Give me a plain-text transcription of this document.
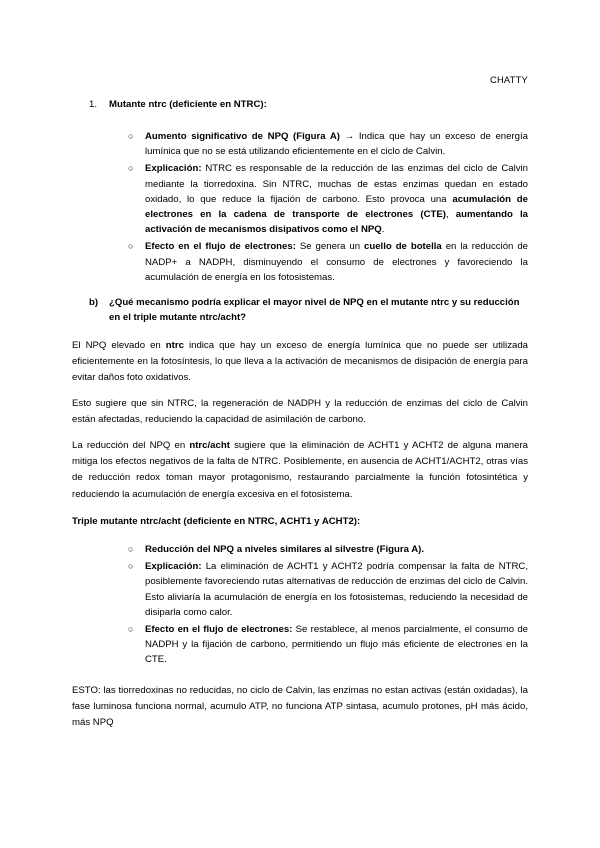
CHATTY
1. Mutante ntrc (deficiente en NTRC):
○ Aumento significativo de NPQ (Figura A) → Indica que hay un exceso de energía lumínica que no se está utilizando eficientemente en el ciclo de Calvin.
○ Explicación: NTRC es responsable de la reducción de las enzimas del ciclo de Calvin mediante la tiorredoxina. Sin NTRC, muchas de estas enzimas quedan en estado oxidado, lo que reduce la fijación de carbono. Esto provoca una acumulación de electrones en la cadena de transporte de electrones (CTE), aumentando la activación de mecanismos disipativos como el NPQ.
○ Efecto en el flujo de electrones: Se genera un cuello de botella en la reducción de NADP+ a NADPH, disminuyendo el consumo de electrones y favoreciendo la acumulación de energía en los fotosistemas.
b)	¿Qué mecanismo podría explicar el mayor nivel de NPQ en el mutante ntrc y su reducción en el triple mutante ntrc/acht?
El NPQ elevado en ntrc indica que hay un exceso de energía lumínica que no puede ser utilizada eficientemente en la fotosíntesis, lo que lleva a la activación de mecanismos de disipación de energía para evitar daños foto oxidativos.
Esto sugiere que sin NTRC, la regeneración de NADPH y la reducción de enzimas del ciclo de Calvin están afectadas, reduciendo la capacidad de asimilación de carbono.
La reducción del NPQ en ntrc/acht sugiere que la eliminación de ACHT1 y ACHT2 de alguna manera mitiga los efectos negativos de la falta de NTRC. Posiblemente, en ausencia de ACHT1/ACHT2, otras vías de reducción redox toman mayor protagonismo, restaurando parcialmente la función fotosintética y reduciendo la acumulación de energía excesiva en el fotosistema.
Triple mutante ntrc/acht (deficiente en NTRC, ACHT1 y ACHT2):
○ Reducción del NPQ a niveles similares al silvestre (Figura A).
○ Explicación: La eliminación de ACHT1 y ACHT2 podría compensar la falta de NTRC, posiblemente favoreciendo rutas alternativas de reducción de enzimas del ciclo de Calvin. Esto aliviaría la acumulación de energía en los fotosistemas, reduciendo la necesidad de disiparla como calor.
○ Efecto en el flujo de electrones: Se restablece, al menos parcialmente, el consumo de NADPH y la fijación de carbono, permitiendo un flujo más eficiente de electrones en la CTE.
ESTO: las tiorredoxinas no reducidas, no ciclo de Calvin, las enzimas no estan activas (están oxidadas), la fase luminosa funciona normal, acumulo ATP, no funciona ATP sintasa, acumulo protones, pH más ácido, más NPQ
